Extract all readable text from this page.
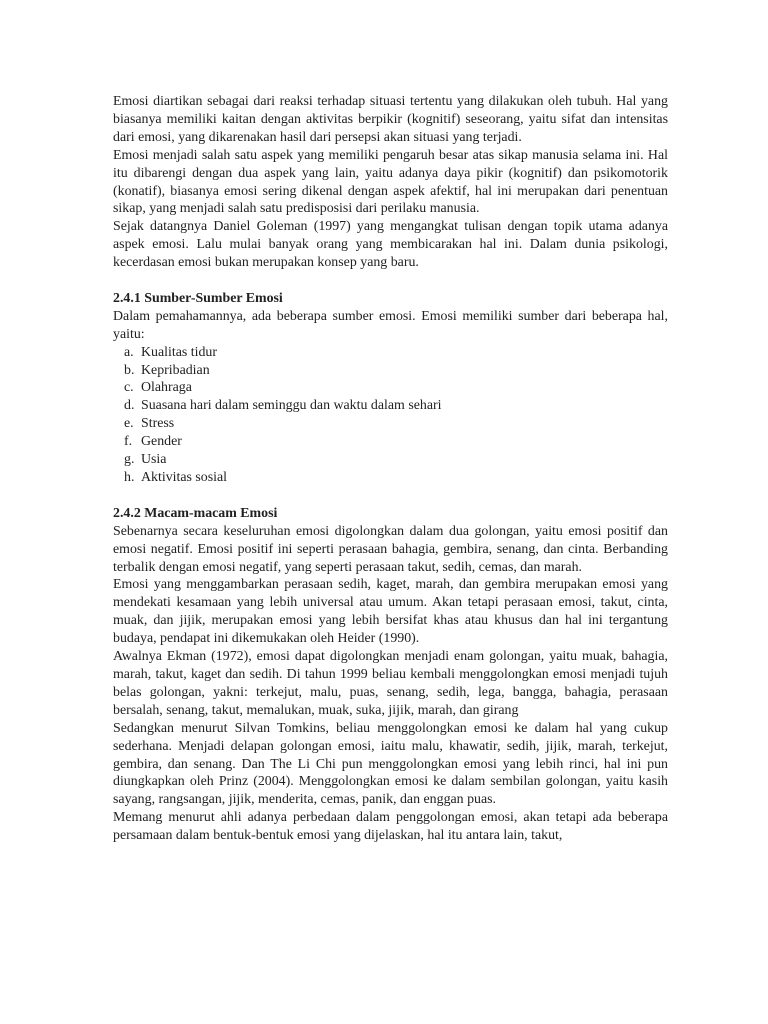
Emosi diartikan sebagai dari reaksi terhadap situasi tertentu yang dilakukan oleh tubuh. Hal yang biasanya memiliki kaitan dengan aktivitas berpikir (kognitif) seseorang, yaitu sifat dan intensitas dari emosi, yang dikarenakan hasil dari persepsi akan situasi yang terjadi.

Emosi menjadi salah satu aspek yang memiliki pengaruh besar atas sikap manusia selama ini. Hal itu dibarengi dengan dua aspek yang lain, yaitu adanya daya pikir (kognitif) dan psikomotorik (konatif), biasanya emosi sering dikenal dengan aspek afektif, hal ini merupakan dari penentuan sikap, yang menjadi salah satu predisposisi dari perilaku manusia.

Sejak datangnya Daniel Goleman (1997) yang mengangkat tulisan dengan topik utama adanya aspek emosi. Lalu mulai banyak orang yang membicarakan hal ini. Dalam dunia psikologi, kecerdasan emosi bukan merupakan konsep yang baru.

2.4.1 Sumber-Sumber Emosi

Dalam pemahamannya, ada beberapa sumber emosi. Emosi memiliki sumber dari beberapa hal, yaitu:

a. Kualitas tidur
b. Kepribadian
c. Olahraga
d. Suasana hari dalam seminggu dan waktu dalam sehari
e. Stress
f. Gender
g. Usia
h. Aktivitas sosial
2.4.2 Macam-macam Emosi

Sebenarnya secara keseluruhan emosi digolongkan dalam dua golongan, yaitu emosi positif dan emosi negatif. Emosi positif ini seperti perasaan bahagia, gembira, senang, dan cinta. Berbanding terbalik dengan emosi negatif, yang seperti perasaan takut, sedih, cemas, dan marah.

Emosi yang menggambarkan perasaan sedih, kaget, marah, dan gembira merupakan emosi yang mendekati kesamaan yang lebih universal atau umum. Akan tetapi perasaan emosi, takut, cinta, muak, dan jijik, merupakan emosi yang lebih bersifat khas atau khusus dan hal ini tergantung budaya, pendapat ini dikemukakan oleh Heider (1990).

Awalnya Ekman (1972), emosi dapat digolongkan menjadi enam golongan, yaitu muak, bahagia, marah, takut, kaget dan sedih. Di tahun 1999 beliau kembali menggolongkan emosi menjadi tujuh belas golongan, yakni: terkejut, malu, puas, senang, sedih, lega, bangga, bahagia, perasaan bersalah, senang, takut, memalukan, muak, suka, jijik, marah, dan girang

Sedangkan menurut Silvan Tomkins, beliau menggolongkan emosi ke dalam hal yang cukup sederhana. Menjadi delapan golongan emosi, iaitu malu, khawatir, sedih, jijik, marah, terkejut, gembira, dan senang. Dan The Li Chi pun menggolongkan emosi yang lebih rinci, hal ini pun diungkapkan oleh Prinz (2004). Menggolongkan emosi ke dalam sembilan golongan, yaitu kasih sayang, rangsangan, jijik, menderita, cemas, panik, dan enggan puas.

Memang menurut ahli adanya perbedaan dalam penggolongan emosi, akan tetapi ada beberapa persamaan dalam bentuk-bentuk emosi yang dijelaskan, hal itu antara lain, takut,
